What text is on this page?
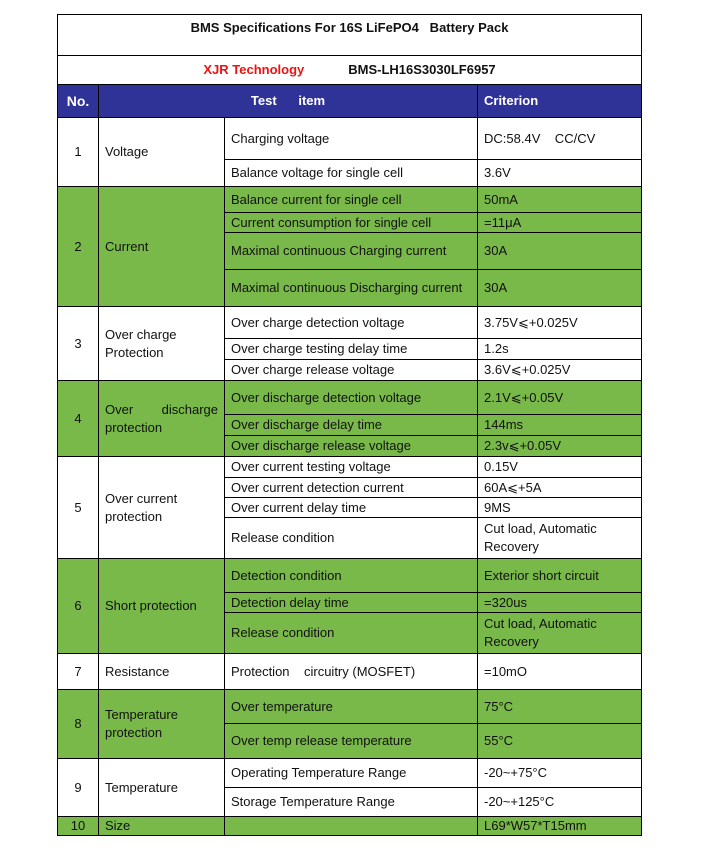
BMS Specifications For 16S LiFePO4   Battery Pack			
XJR Technology BMS-LH16S3030LF6957			
No.	Test      item		Criterion
1	Voltage	Charging voltage	DC:58.4V    CC/CV
		Balance voltage for single cell	3.6V
2	Current	Balance current for single cell	50mA
		Current consumption for single cell	=11μA
		Maximal continuous Charging current	30A
		Maximal continuous Discharging current	30A
3	Over charge Protection	Over charge detection voltage	3.75V⩽+0.025V
		Over charge testing delay time	1.2s
		Over charge release voltage	3.6V⩽+0.025V
4	Over discharge protection	Over discharge detection voltage	2.1V⩽+0.05V
		Over discharge delay time	144ms
		Over discharge release voltage	2.3v⩽+0.05V
5	Over current protection	Over current testing voltage	0.15V
		Over current detection current	60A⩽+5A
		Over current delay time	9MS
		Release condition	Cut load, Automatic Recovery
6	Short protection	Detection condition	Exterior short circuit
		Detection delay time	=320us
		Release condition	Cut load, Automatic Recovery
7	Resistance	Protection    circuitry (MOSFET)	=10mO
8	Temperature protection	Over temperature	75°C
		Over temp release temperature	55°C
9	Temperature	Operating Temperature Range	-20~+75°C
		Storage Temperature Range	-20~+125°C
10	Size		L69*W57*T15mm
